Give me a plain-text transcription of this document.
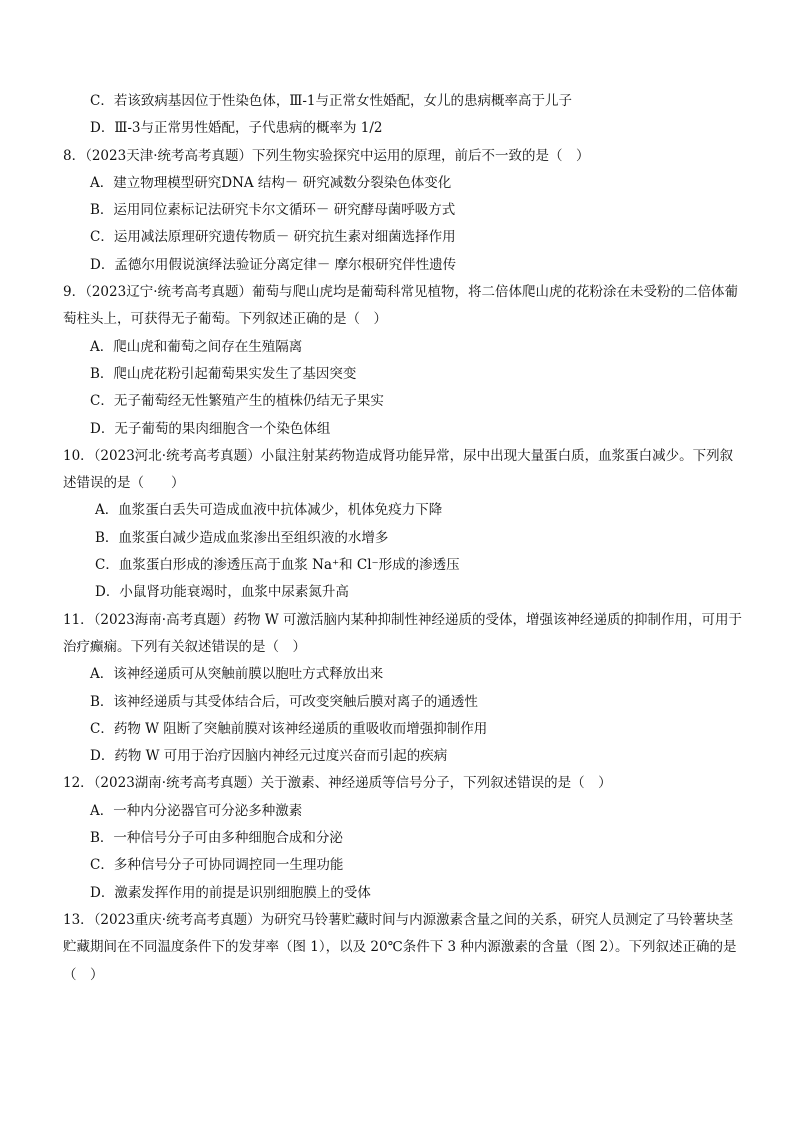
C．若该致病基因位于性染色体，Ⅲ-1与正常女性婚配，女儿的患病概率高于儿子
D．Ⅲ-3与正常男性婚配，子代患病的概率为 1/2
8．（2023天津·统考高考真题）下列生物实验探究中运用的原理，前后不一致的是（　）
A．建立物理模型研究DNA 结构－ 研究减数分裂染色体变化
B．运用同位素标记法研究卡尔文循环－ 研究酵母菌呼吸方式
C．运用减法原理研究遗传物质－ 研究抗生素对细菌选择作用
D．孟德尔用假说演绎法验证分离定律－ 摩尔根研究伴性遗传
9．（2023辽宁·统考高考真题）葡萄与爬山虎均是葡萄科常见植物，将二倍体爬山虎的花粉涂在未受粉的二倍体葡萄柱头上，可获得无子葡萄。下列叙述正确的是（　）
A．爬山虎和葡萄之间存在生殖隔离
B．爬山虎花粉引起葡萄果实发生了基因突变
C．无子葡萄经无性繁殖产生的植株仍结无子果实
D．无子葡萄的果肉细胞含一个染色体组
10．（2023河北·统考高考真题）小鼠注射某药物造成肾功能异常，尿中出现大量蛋白质，血浆蛋白减少。下列叙述错误的是（　　）
A．血浆蛋白丢失可造成血液中抗体减少，机体免疫力下降
B．血浆蛋白减少造成血浆渗出至组织液的水增多
C．血浆蛋白形成的渗透压高于血浆 Na⁺和 Cl⁻形成的渗透压
D．小鼠肾功能衰竭时，血浆中尿素氮升高
11．（2023海南·高考真题）药物 W 可激活脑内某种抑制性神经递质的受体，增强该神经递质的抑制作用，可用于治疗癫痫。下列有关叙述错误的是（　）
A．该神经递质可从突触前膜以胞吐方式释放出来
B．该神经递质与其受体结合后，可改变突触后膜对离子的通透性
C．药物 W 阻断了突触前膜对该神经递质的重吸收而增强抑制作用
D．药物 W 可用于治疗因脑内神经元过度兴奋而引起的疾病
12．（2023湖南·统考高考真题）关于激素、神经递质等信号分子，下列叙述错误的是（　）
A．一种内分泌器官可分泌多种激素
B．一种信号分子可由多种细胞合成和分泌
C．多种信号分子可协同调控同一生理功能
D．激素发挥作用的前提是识别细胞膜上的受体
13．（2023重庆·统考高考真题）为研究马铃薯贮藏时间与内源激素含量之间的关系，研究人员测定了马铃薯块茎贮藏期间在不同温度条件下的发芽率（图 1），以及 20℃条件下 3 种内源激素的含量（图 2）。下列叙述正确的是（　）
